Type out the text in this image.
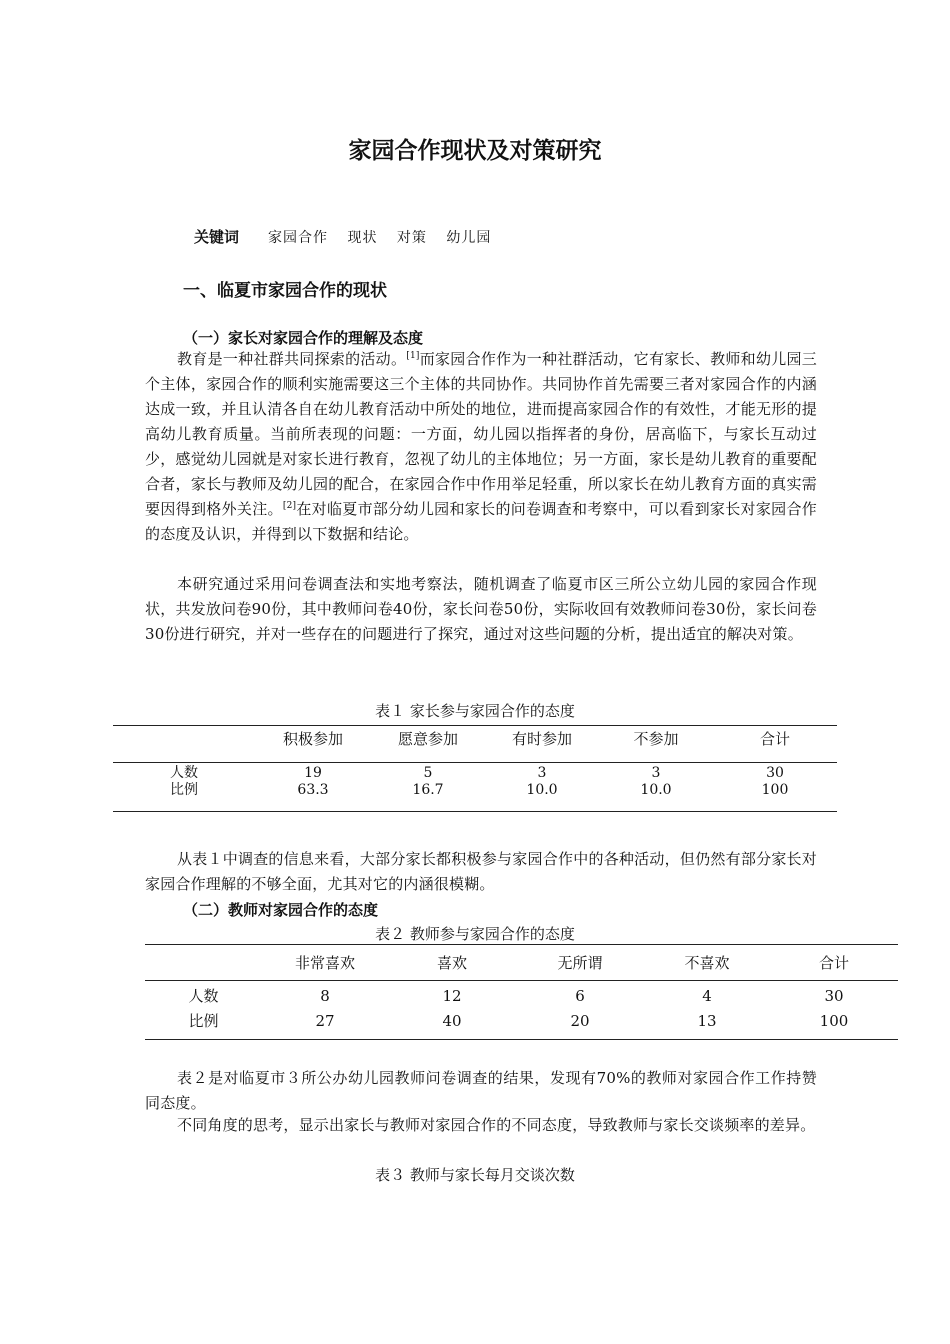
家园合作现状及对策研究
关键词 家园合作 现状 对策 幼儿园
一、临夏市家园合作的现状
（一）家长对家园合作的理解及态度
教育是一种社群共同探索的活动。[1]而家园合作作为一种社群活动，它有家长、教师和幼儿园三个主体，家园合作的顺利实施需要这三个主体的共同协作。共同协作首先需要三者对家园合作的内涵达成一致，并且认清各自在幼儿教育活动中所处的地位，进而提高家园合作的有效性，才能无形的提高幼儿教育质量。当前所表现的问题：一方面，幼儿园以指挥者的身份，居高临下，与家长互动过少，感觉幼儿园就是对家长进行教育，忽视了幼儿的主体地位；另一方面，家长是幼儿教育的重要配合者，家长与教师及幼儿园的配合，在家园合作中作用举足轻重，所以家长在幼儿教育方面的真实需要因得到格外关注。[2]在对临夏市部分幼儿园和家长的问卷调查和考察中，可以看到家长对家园合作的态度及认识，并得到以下数据和结论。
本研究通过采用问卷调查法和实地考察法，随机调查了临夏市区三所公立幼儿园的家园合作现状，共发放问卷90份，其中教师问卷40份，家长问卷50份，实际收回有效教师问卷30份，家长问卷30份进行研究，并对一些存在的问题进行了探究，通过对这些问题的分析，提出适宜的解决对策。
表１ 家长参与家园合作的态度
	积极参加	愿意参加	有时参加	不参加	合计
人数	19	5	3	3	30
比例	63.3	16.7	10.0	10.0	100
从表１中调查的信息来看，大部分家长都积极参与家园合作中的各种活动，但仍然有部分家长对家园合作理解的不够全面，尤其对它的内涵很模糊。
（二）教师对家园合作的态度
表２ 教师参与家园合作的态度
	非常喜欢	喜欢	无所谓	不喜欢	合计
人数	8	12	6	4	30
比例	27	40	20	13	100
表２是对临夏市３所公办幼儿园教师问卷调查的结果，发现有70%的教师对家园合作工作持赞同态度。
不同角度的思考，显示出家长与教师对家园合作的不同态度，导致教师与家长交谈频率的差异。
表３ 教师与家长每月交谈次数
